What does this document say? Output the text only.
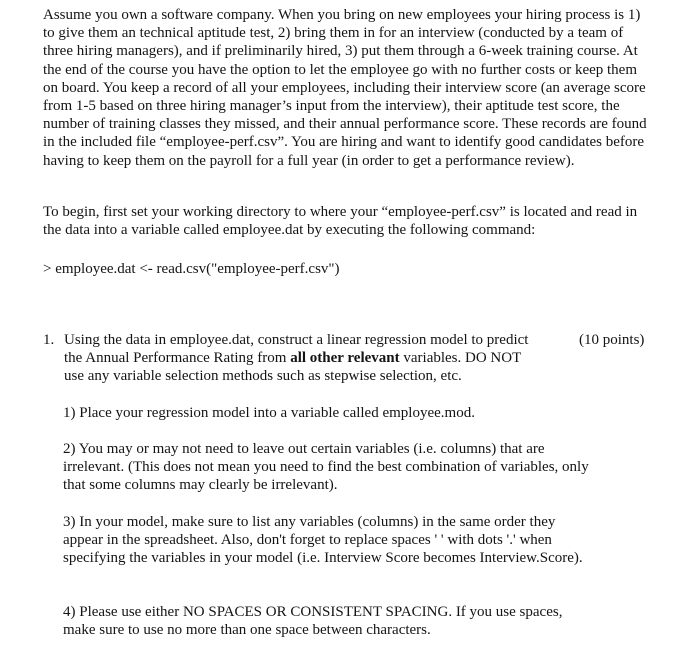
Assume you own a software company. When you bring on new employees your hiring process is 1) to give them an technical aptitude test, 2) bring them in for an interview (conducted by a team of three hiring managers), and if preliminarily hired, 3) put them through a 6-week training course. At the end of the course you have the option to let the employee go with no further costs or keep them on board. You keep a record of all your employees, including their interview score (an average score from 1-5 based on three hiring manager’s input from the interview), their aptitude test score, the number of training classes they missed, and their annual performance score. These records are found in the included file “employee-perf.csv”. You are hiring and want to identify good candidates before having to keep them on the payroll for a full year (in order to get a performance review).
To begin, first set your working directory to where your “employee-perf.csv” is located and read in the data into a variable called employee.dat by executing the following command:
> employee.dat <- read.csv("employee-perf.csv")
1. Using the data in employee.dat, construct a linear regression model to predict the Annual Performance Rating from all other relevant variables. DO NOT use any variable selection methods such as stepwise selection, etc.
(10 points)
1) Place your regression model into a variable called employee.mod.
2) You may or may not need to leave out certain variables (i.e. columns) that are irrelevant. (This does not mean you need to find the best combination of variables, only that some columns may clearly be irrelevant).
3) In your model, make sure to list any variables (columns) in the same order they appear in the spreadsheet. Also, don't forget to replace spaces ' ' with dots '.' when specifying the variables in your model (i.e. Interview Score becomes Interview.Score).
4) Please use either NO SPACES OR CONSISTENT SPACING. If you use spaces, make sure to use no more than one space between characters.
